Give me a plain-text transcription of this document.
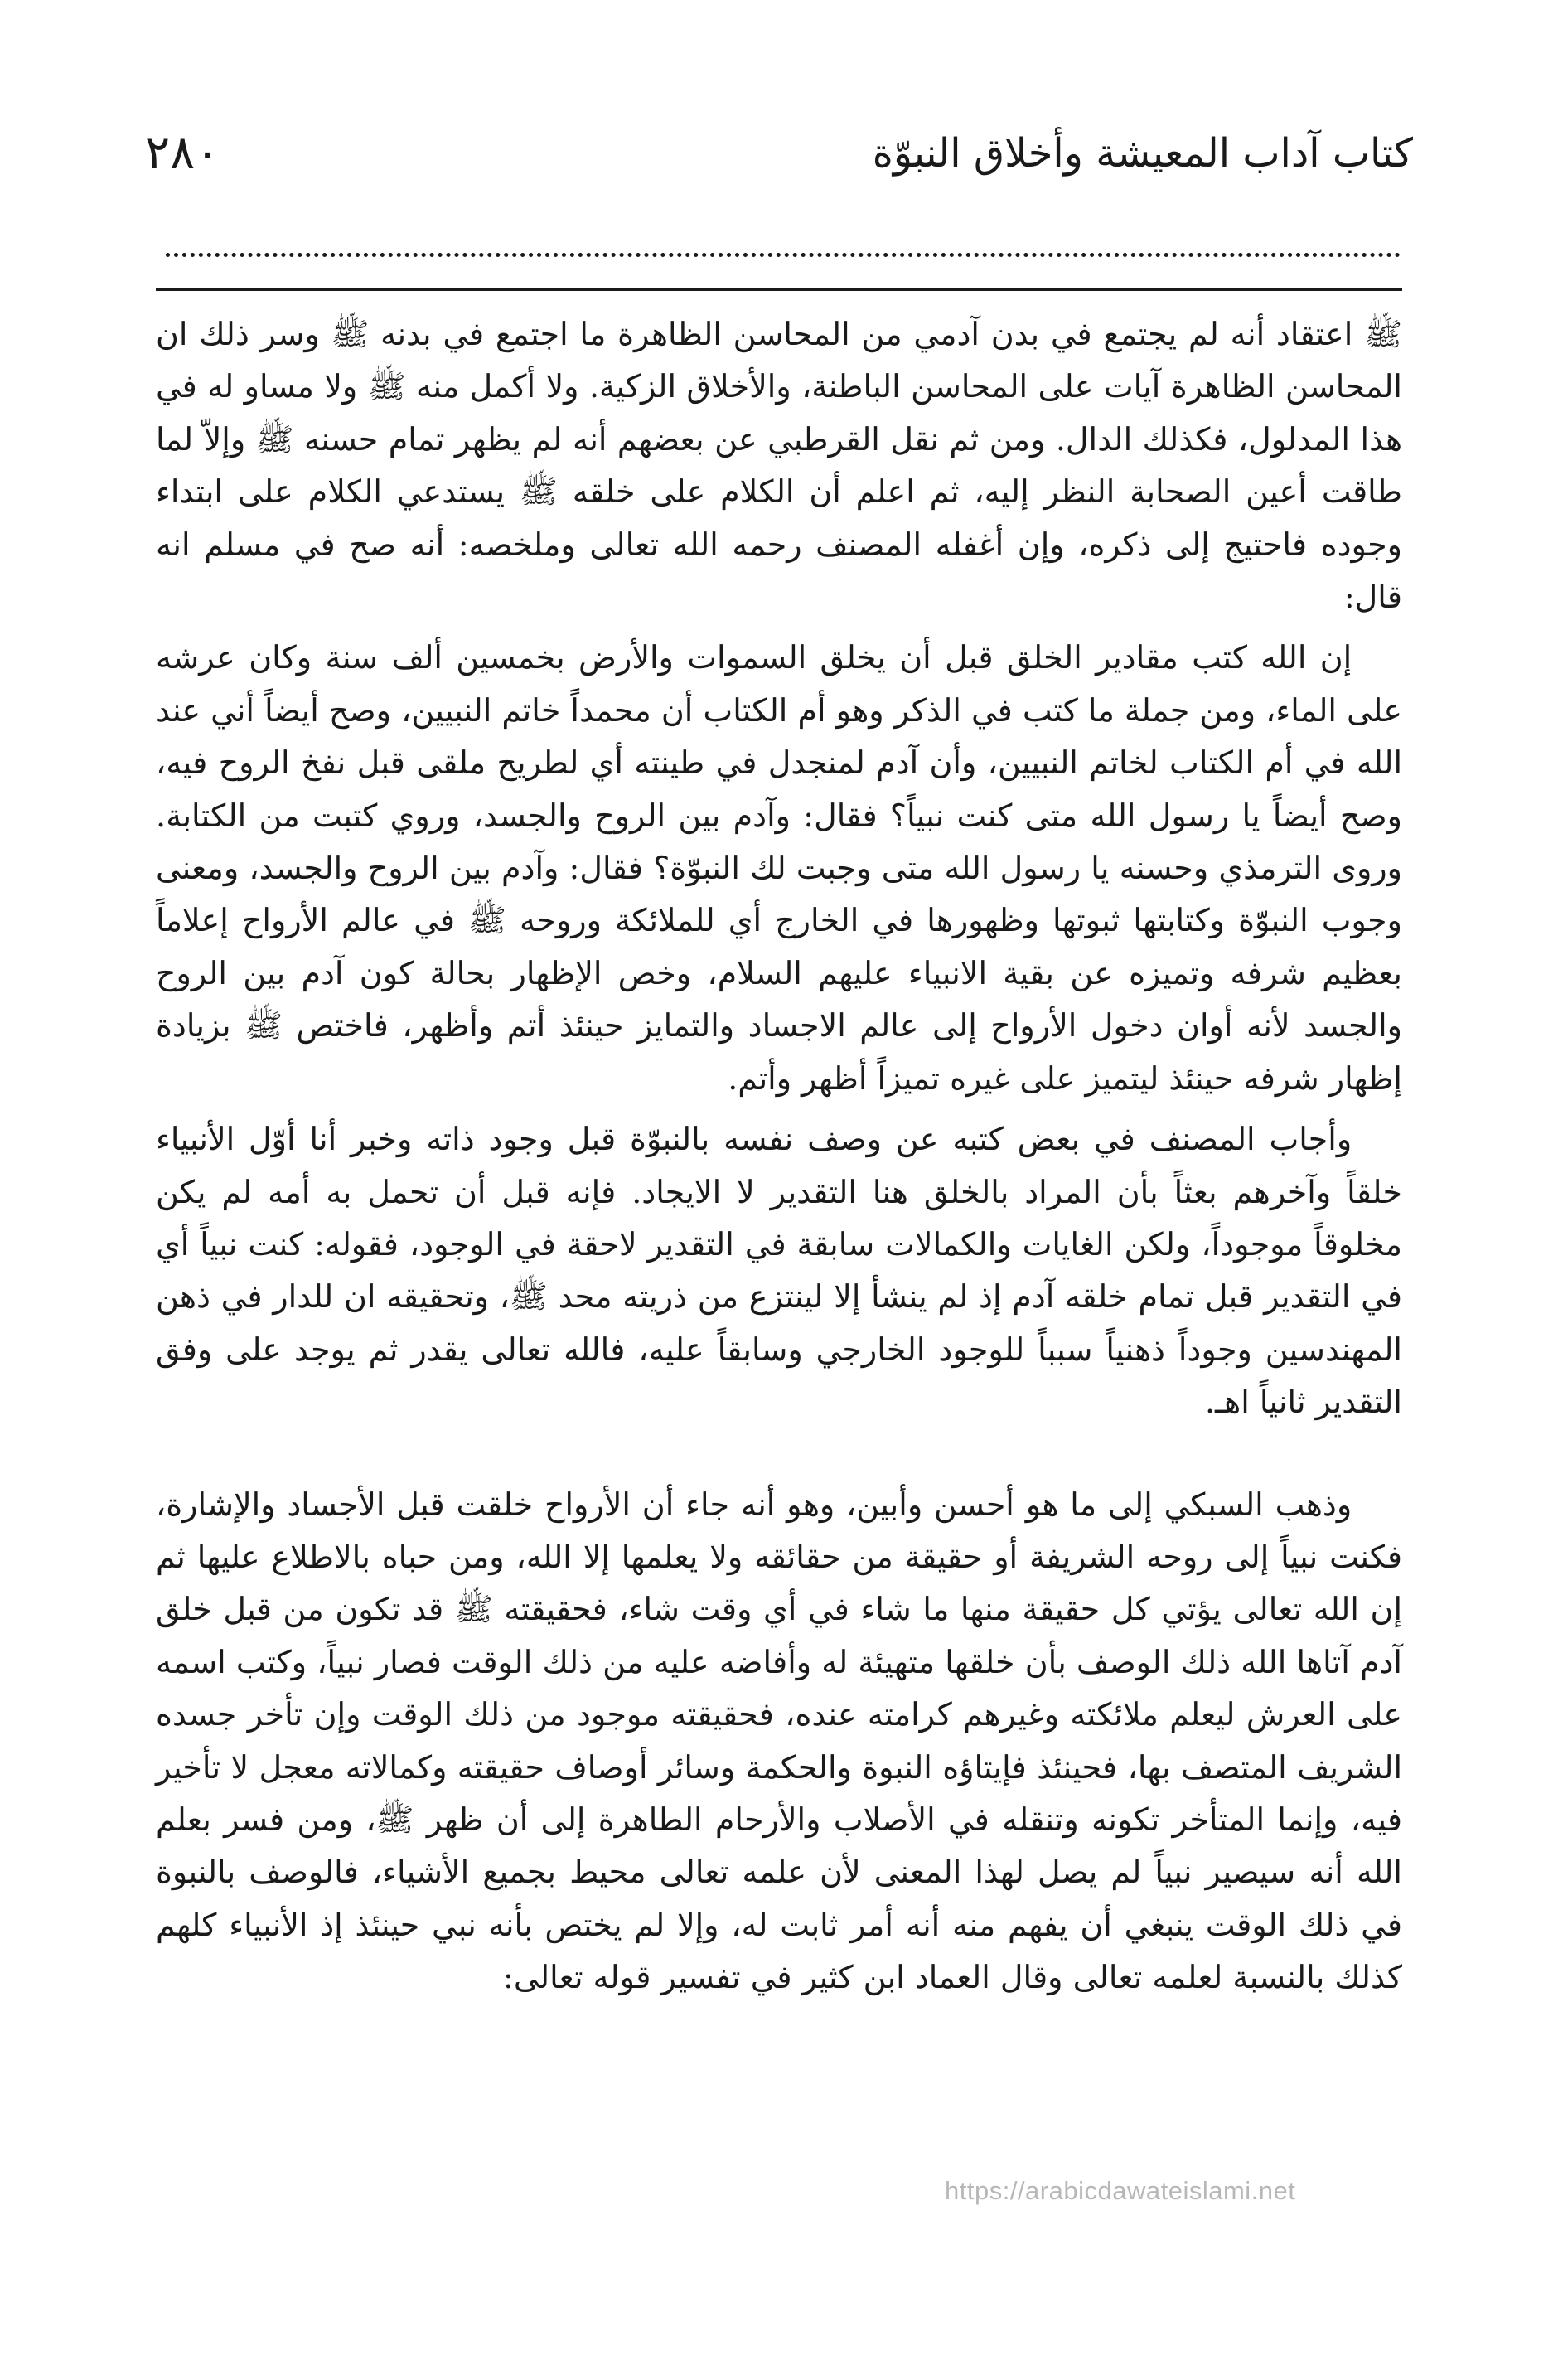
٢٨٠	كتاب آداب المعيشة وأخلاق النبوّة

ﷺ اعتقاد أنه لم يجتمع في بدن آدمي من المحاسن الظاهرة ما اجتمع في بدنه ﷺ وسر ذلك ان المحاسن الظاهرة آيات على المحاسن الباطنة، والأخلاق الزكية. ولا أكمل منه ﷺ ولا مساو له في هذا المدلول، فكذلك الدال. ومن ثم نقل القرطبي عن بعضهم أنه لم يظهر تمام حسنه ﷺ وإلاّ لما طاقت أعين الصحابة النظر إليه، ثم اعلم أن الكلام على خلقه ﷺ يستدعي الكلام على ابتداء وجوده فاحتيج إلى ذكره، وإن أغفله المصنف رحمه الله تعالى وملخصه: أنه صح في مسلم انه قال:

إن الله كتب مقادير الخلق قبل أن يخلق السموات والأرض بخمسين ألف سنة وكان عرشه على الماء، ومن جملة ما كتب في الذكر وهو أم الكتاب أن محمداً خاتم النبيين، وصح أيضاً أني عند الله في أم الكتاب لخاتم النبيين، وأن آدم لمنجدل في طينته أي لطريح ملقى قبل نفخ الروح فيه، وصح أيضاً يا رسول الله متى كنت نبياً؟ فقال: وآدم بين الروح والجسد، وروي كتبت من الكتابة. وروى الترمذي وحسنه يا رسول الله متى وجبت لك النبوّة؟ فقال: وآدم بين الروح والجسد، ومعنى وجوب النبوّة وكتابتها ثبوتها وظهورها في الخارج أي للملائكة وروحه ﷺ في عالم الأرواح إعلاماً بعظيم شرفه وتميزه عن بقية الانبياء عليهم السلام، وخص الإظهار بحالة كون آدم بين الروح والجسد لأنه أوان دخول الأرواح إلى عالم الاجساد والتمايز حينئذ أتم وأظهر، فاختص ﷺ بزيادة إظهار شرفه حينئذ ليتميز على غيره تميزاً أظهر وأتم.

وأجاب المصنف في بعض كتبه عن وصف نفسه بالنبوّة قبل وجود ذاته وخبر أنا أوّل الأنبياء خلقاً وآخرهم بعثاً بأن المراد بالخلق هنا التقدير لا الايجاد. فإنه قبل أن تحمل به أمه لم يكن مخلوقاً موجوداً، ولكن الغايات والكمالات سابقة في التقدير لاحقة في الوجود، فقوله: كنت نبياً أي في التقدير قبل تمام خلقه آدم إذ لم ينشأ إلا لينتزع من ذريته محد ﷺ، وتحقيقه ان للدار في ذهن المهندسين وجوداً ذهنياً سبباً للوجود الخارجي وسابقاً عليه، فالله تعالى يقدر ثم يوجد على وفق التقدير ثانياً اهـ.

وذهب السبكي إلى ما هو أحسن وأبين، وهو أنه جاء أن الأرواح خلقت قبل الأجساد والإشارة، فكنت نبياً إلى روحه الشريفة أو حقيقة من حقائقه ولا يعلمها إلا الله، ومن حباه بالاطلاع عليها ثم إن الله تعالى يؤتي كل حقيقة منها ما شاء في أي وقت شاء، فحقيقته ﷺ قد تكون من قبل خلق آدم آتاها الله ذلك الوصف بأن خلقها متهيئة له وأفاضه عليه من ذلك الوقت فصار نبياً، وكتب اسمه على العرش ليعلم ملائكته وغيرهم كرامته عنده، فحقيقته موجود من ذلك الوقت وإن تأخر جسده الشريف المتصف بها، فحينئذ فإيتاؤه النبوة والحكمة وسائر أوصاف حقيقته وكمالاته معجل لا تأخير فيه، وإنما المتأخر تكونه وتنقله في الأصلاب والأرحام الطاهرة إلى أن ظهر ﷺ، ومن فسر بعلم الله أنه سيصير نبياً لم يصل لهذا المعنى لأن علمه تعالى محيط بجميع الأشياء، فالوصف بالنبوة في ذلك الوقت ينبغي أن يفهم منه أنه أمر ثابت له، وإلا لم يختص بأنه نبي حينئذ إذ الأنبياء كلهم كذلك بالنسبة لعلمه تعالى وقال العماد ابن كثير في تفسير قوله تعالى:

https://arabicdawateislami.net
